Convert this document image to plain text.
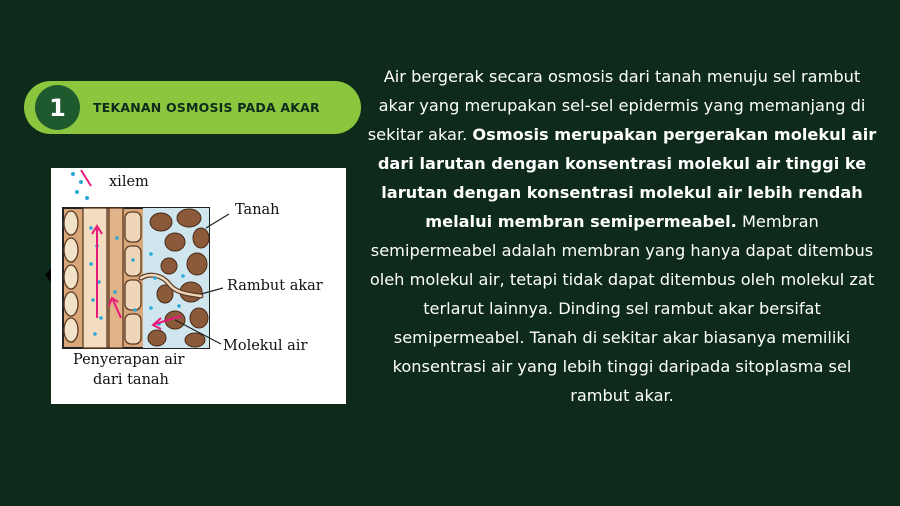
1	TEKANAN OSMOSIS PADA AKAR
xilem
Tanah
Rambut akar
Molekul air
Penyerapan air
dari tanah
Air bergerak secara osmosis dari tanah menuju sel rambut akar yang merupakan sel-sel epidermis yang memanjang di sekitar akar. Osmosis merupakan pergerakan molekul air dari larutan dengan konsentrasi molekul air tinggi ke larutan dengan konsentrasi molekul air lebih rendah melalui membran semipermeabel. Membran semipermeabel adalah membran yang hanya dapat ditembus oleh molekul air, tetapi tidak dapat ditembus oleh molekul zat terlarut lainnya. Dinding sel rambut akar bersifat semipermeabel. Tanah di sekitar akar biasanya memiliki konsentrasi air yang lebih tinggi daripada sitoplasma sel rambut akar.
